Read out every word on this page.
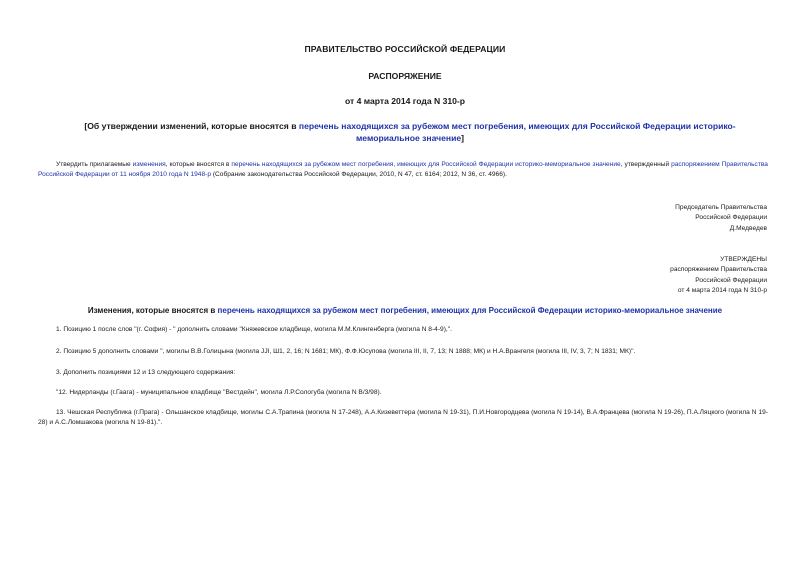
ПРАВИТЕЛЬСТВО РОССИЙСКОЙ ФЕДЕРАЦИИ
РАСПОРЯЖЕНИЕ
от 4 марта 2014 года N 310-р
[Об утверждении изменений, которые вносятся в перечень находящихся за рубежом мест погребения, имеющих для Российской Федерации историко-мемориальное значение]
Утвердить прилагаемые изменения, которые вносятся в перечень находящихся за рубежом мест погребения, имеющих для Российской Федерации историко-мемориальное значение, утвержденный распоряжением Правительства Российской Федерации от 11 ноября 2010 года N 1948-р (Собрание законодательства Российской Федерации, 2010, N 47, ст. 6164; 2012, N 36, ст. 4966).
Председатель Правительства
Российской Федерации
Д.Медведев
УТВЕРЖДЕНЫ
распоряжением Правительства
Российской Федерации
от 4 марта 2014 года N 310-р
Изменения, которые вносятся в перечень находящихся за рубежом мест погребения, имеющих для Российской Федерации историко-мемориальное значение
1. Позицию 1 после слов "(г. София) - " дополнить словами "Княжевское кладбище, могила М.М.Клингенберга (могила N 8-4-9),".
2. Позицию 5 дополнить словами ", могилы В.В.Голицына (могила JJI, Ш1, 2, 16; N 1681; МК), Ф.Ф.Юсупова (могила III, II, 7, 13; N 1888; МК) и Н.А.Врангеля (могила III, IV, 3, 7; N 1831; МК)".
3. Дополнить позициями 12 и 13 следующего содержания:
"12. Нидерланды (г.Гаага) - муниципальное кладбище "Вестдейн", могила Л.Р.Сологуба (могила N В/3/98).
13. Чешская Республика (г.Прага) - Ольшанское кладбище, могилы С.А.Трапина (могила N 17-248), А.А.Кизеветтера (могила N 19-31), П.И.Новгородцева (могила N 19-14), В.А.Францева (могила N 19-26), П.А.Ляцкого (могила N 19-28) и А.С.Ломшакова (могила N 19-81).".
